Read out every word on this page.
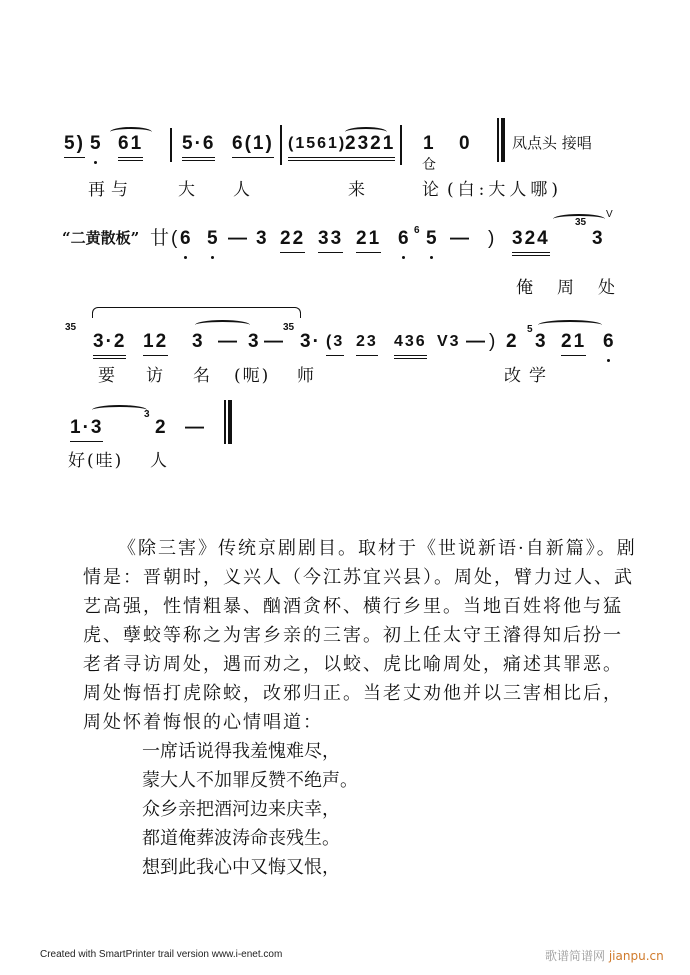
5) 5 61 5·6 6(1) (1561)
2321 1 0
仓
凤点头 接唱
再与	大 人	来	论 (白:大人哪)
“二黄散板” 廿( 6 5 — 3 22 33 21 6 6 5 — ) 324
35
3
V
俺 周 处
35
3·2 12 3 — 3 —
35
3· (3 23 436 V3 — ) 2
5
3 21 6
要 访 名 (呃) 师	改学
1·3
3
2 —
好(哇) 人
《除三害》传统京剧剧目。取材于《世说新语·自新篇》。剧
情是：晋朝时，义兴人（今江苏宜兴县）。周处，臂力过人、武
艺高强，性情粗暴、酗酒贪杯、横行乡里。当地百姓将他与猛
虎、孽蛟等称之为害乡亲的三害。初上任太守王濬得知后扮一
老者寻访周处，遇而劝之，以蛟、虎比喻周处，痛述其罪恶。
周处悔悟打虎除蛟，改邪归正。当老丈劝他并以三害相比后，
周处怀着悔恨的心情唱道：
一席话说得我羞愧难尽，
蒙大人不加罪反赞不绝声。
众乡亲把酒河边来庆幸，
都道俺葬波涛命丧残生。
想到此我心中又悔又恨，
Created with SmartPrinter trail version www.i-enet.com	歌谱简谱网 jianpu.cn
